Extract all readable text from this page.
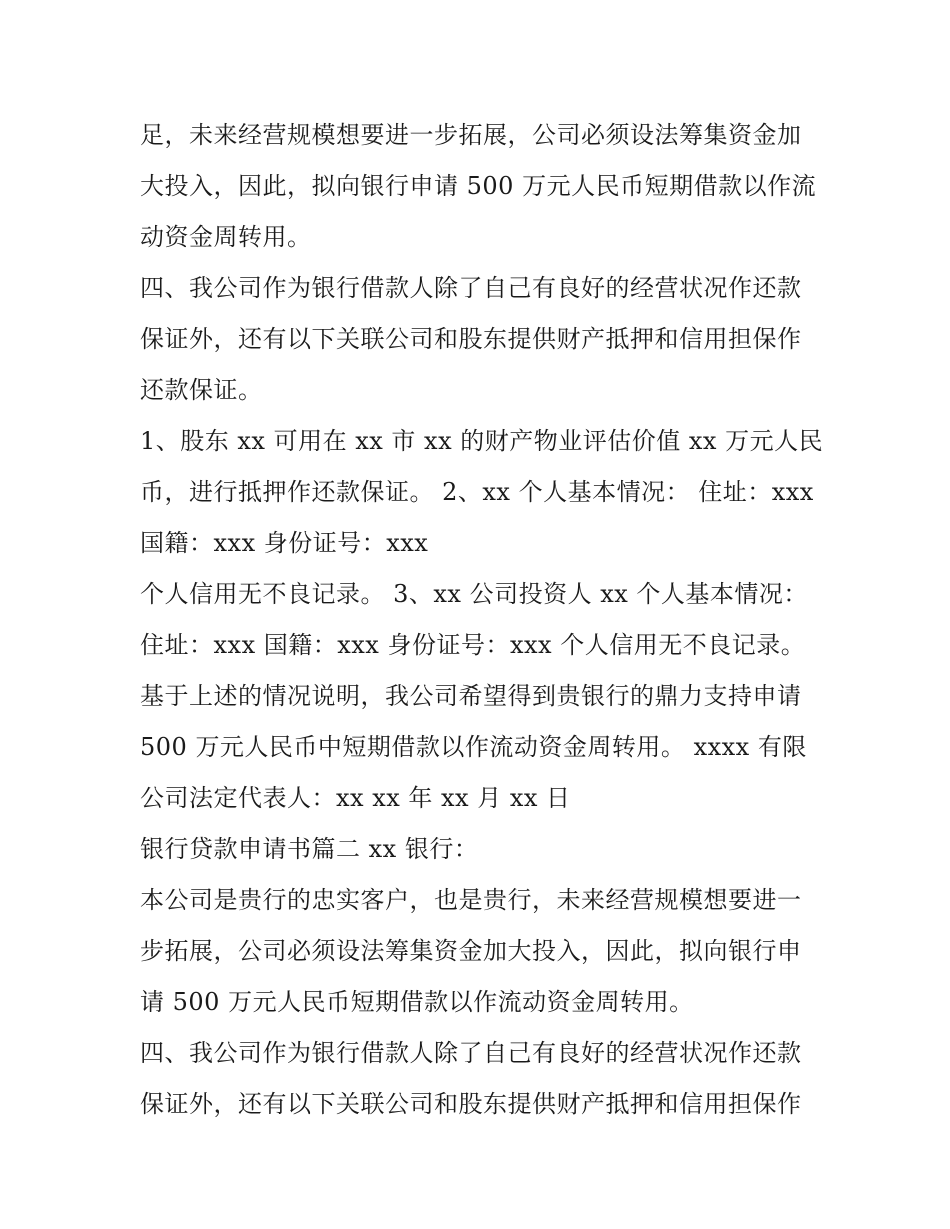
足，未来经营规模想要进一步拓展，公司必须设法筹集资金加
大投入，因此，拟向银行申请 500 万元人民币短期借款以作流
动资金周转用。
四、我公司作为银行借款人除了自己有良好的经营状况作还款
保证外，还有以下关联公司和股东提供财产抵押和信用担保作
还款保证。
1、股东 xx 可用在 xx 市 xx 的财产物业评估价值 xx 万元人民
币，进行抵押作还款保证。 2、xx 个人基本情况： 住址：xxx
国籍：xxx 身份证号：xxx
个人信用无不良记录。 3、xx 公司投资人 xx 个人基本情况：
住址：xxx 国籍：xxx 身份证号：xxx 个人信用无不良记录。
基于上述的情况说明，我公司希望得到贵银行的鼎力支持申请
500 万元人民币中短期借款以作流动资金周转用。 xxxx 有限
公司法定代表人：xx xx 年 xx 月 xx 日
银行贷款申请书篇二 xx 银行：
本公司是贵行的忠实客户，也是贵行，未来经营规模想要进一
步拓展，公司必须设法筹集资金加大投入，因此，拟向银行申
请 500 万元人民币短期借款以作流动资金周转用。
四、我公司作为银行借款人除了自己有良好的经营状况作还款
保证外，还有以下关联公司和股东提供财产抵押和信用担保作
